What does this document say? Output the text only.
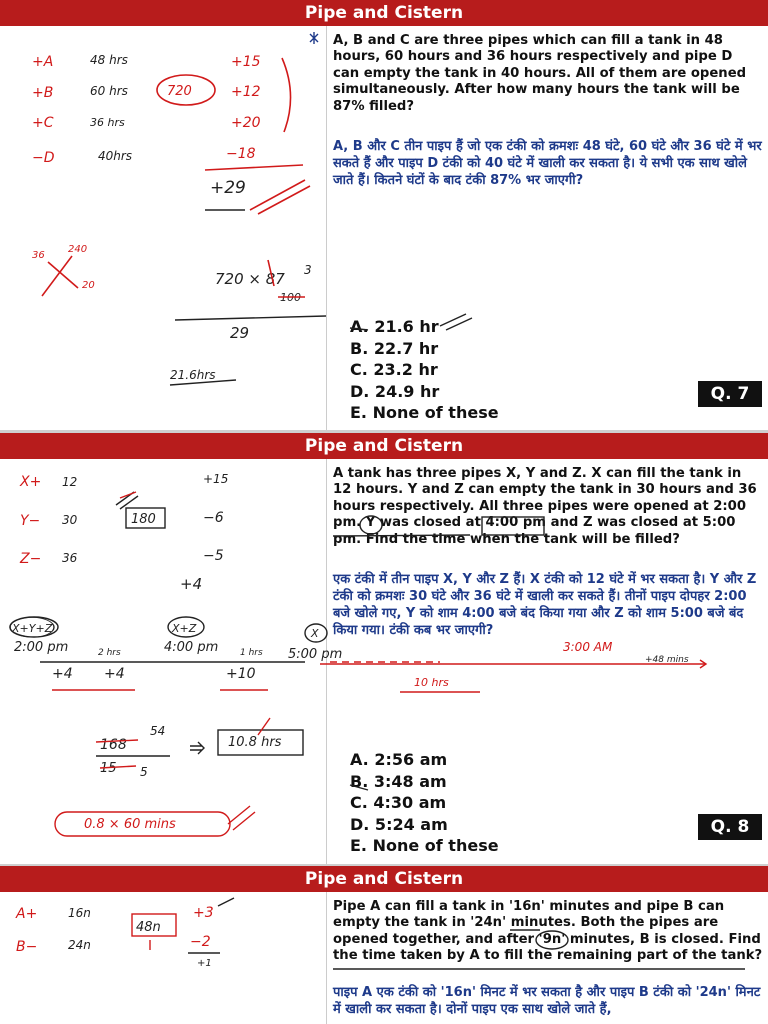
Pipe and Cistern
A, B and C are three pipes which can fill a tank in 48 hours, 60 hours and 36 hours respectively and pipe D can empty the tank in 40 hours. All of them are opened simultaneously. After how many hours the tank will be 87% filled?
A, B और C तीन पाइप हैं जो एक टंकी को क्रमशः 48 घंटे, 60 घंटे और 36 घंटे में भर सकते हैं और पाइप D टंकी को 40 घंटे में खाली कर सकता है। ये सभी एक साथ खोले जाते हैं। कितने घंटों के बाद टंकी 87% भर जाएगी?
A. 21.6 hr
B. 22.7 hr
C. 23.2 hr
D. 24.9 hr
E. None of these
Q. 7
Pipe and Cistern
A tank has three pipes X, Y and Z. X can fill the tank in 12 hours. Y and Z can empty the tank in 30 hours and 36 hours respectively. All three pipes were opened at 2:00 pm. Y was closed at 4:00 pm and Z was closed at 5:00 pm. Find the time when the tank will be filled?
एक टंकी में तीन पाइप X, Y और Z हैं। X टंकी को 12 घंटे में भर सकता है। Y और Z टंकी को क्रमशः 30 घंटे और 36 घंटे में खाली कर सकते हैं। तीनों पाइप दोपहर 2:00 बजे खोले गए, Y को शाम 4:00 बजे बंद किया गया और Z को शाम 5:00 बजे बंद किया गया। टंकी कब भर जाएगी?
A. 2:56 am
B. 3:48 am
C. 4:30 am
D. 5:24 am
E. None of these
Q. 8
Pipe and Cistern
Pipe A can fill a tank in '16n' minutes and pipe B can empty the tank in '24n' minutes. Both the pipes are opened together, and after '9n' minutes, B is closed. Find the time taken by A to fill the remaining part of the tank?
पाइप A एक टंकी को '16n' मिनट में भर सकता है और पाइप B टंकी को '24n' मिनट में खाली कर सकता है। दोनों पाइप एक साथ खोले जाते हैं,
+A	48 hrs
+B	60 hrs
+C	36 hrs
−D	40hrs
720
+15
+12
+20
−18
+29
36
240
20	720 × 87 3
100
29
21.6hrs
X+ 12
Y− 30
Z− 36
180
+15
−6
−5
+4
X+Y+Z
2:00 pm	2 hrs
X+Z
4:00 pm 1 hrs
X
5:00 pm	3:00 AM
+48 mins
10 hrs
+4 +4	+10
168
54
15 5
10.8 hrs
0.8 × 60 mins
A+	16n
B−	24n
48n
+3
−2
+1
